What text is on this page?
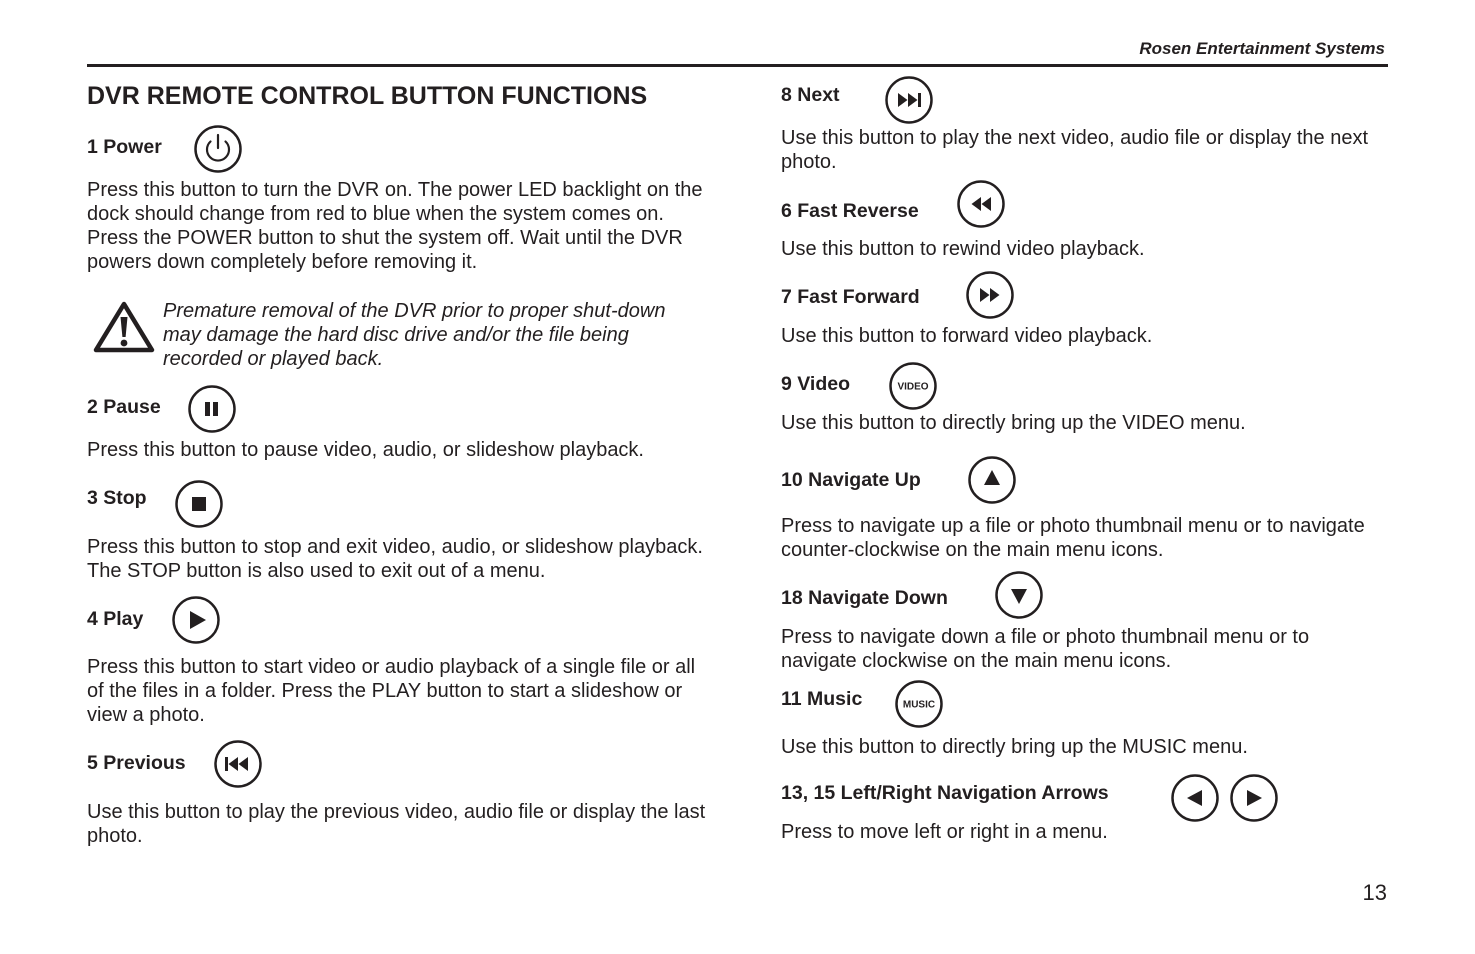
Rosen Entertainment Systems
DVR REMOTE CONTROL BUTTON FUNCTIONS
1 Power
Press this button to turn the DVR on. The power LED backlight on the dock should change from red to blue when the system comes on. Press the POWER button to shut the system off. Wait until the DVR powers down completely before removing it.
Premature removal of the DVR prior to proper shut-down may damage the hard disc drive and/or the file being recorded or played back.
2 Pause
Press this button to pause video, audio, or slideshow playback.
3 Stop
Press this button to stop and exit video, audio, or slideshow playback. The STOP button is also used to exit out of a menu.
4 Play
Press this button to start video or audio playback of a single file or all of the files in a folder. Press the PLAY button to start a slideshow or view a photo.
5 Previous
Use this button to play the previous video, audio file or display the last photo.
8 Next
Use this button to play the next video, audio file or display the next photo.
6 Fast Reverse
Use this button to rewind video playback.
7 Fast Forward
Use this button to forward video playback.
9 Video	VIDEO
Use this button to directly bring up the VIDEO menu.
10 Navigate Up
Press to navigate up a file or photo thumbnail menu or to navigate counter-clockwise on the main menu icons.
18 Navigate Down
Press to navigate down a file or photo thumbnail menu or to navigate clockwise on the main menu icons.
11 Music	MUSIC
Use this button to directly bring up the MUSIC menu.
13, 15 Left/Right Navigation Arrows
Press to move left or right in a menu.
13
